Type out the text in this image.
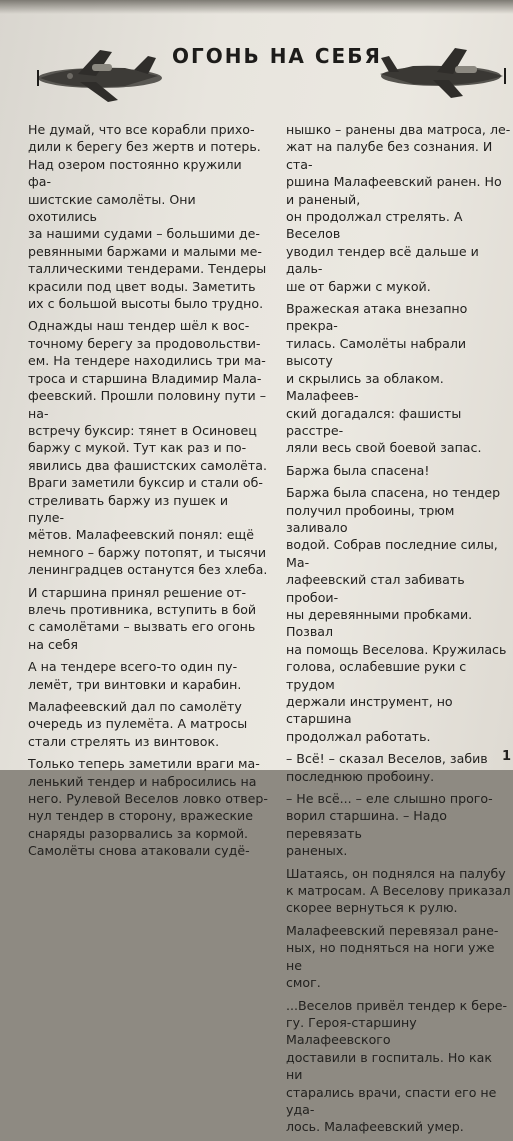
ОГОНЬ НА СЕБЯ

Не думай, что все корабли прихо-
дили к берегу без жертв и потерь.
Над озером постоянно кружили фа-
шистские самолёты. Они охотились
за нашими судами – большими де-
ревянными баржами и малыми ме-
таллическими тендерами. Тендеры
красили под цвет воды. Заметить
их с большой высоты было трудно.

Однажды наш тендер шёл к вос-
точному берегу за продовольстви-
ем. На тендере находились три ма-
троса и старшина Владимир Мала-
феевский. Прошли половину пути – на-
встречу буксир: тянет в Осиновец
баржу с мукой. Тут как раз и по-
явились два фашистских самолёта.
Враги заметили буксир и стали об-
стреливать баржу из пушек и пуле-
мётов. Малафеевский понял: ещё
немного – баржу потопят, и тысячи
ленинградцев останутся без хлеба.

И старшина принял решение от-
влечь противника, вступить в бой
с самолётами – вызвать его огонь
на себя

А на тендере всего-то один пу-
лемёт, три винтовки и карабин.

Малафеевский дал по самолёту
очередь из пулемёта. А матросы
стали стрелять из винтовок.

Только теперь заметили враги ма-
ленький тендер и набросились на
него. Рулевой Веселов ловко отвер-
нул тендер в сторону, вражеские
снаряды разорвались за кормой.
Самолёты снова атаковали судё-

нышко – ранены два матроса, ле-
жат на палубе без сознания. И ста-
ршина Малафеевский ранен. Но и раненый,
он продолжал стрелять. А Веселов
уводил тендер всё дальше и даль-
ше от баржи с мукой.

Вражеская атака внезапно прекра-
тилась. Самолёты набрали высоту
и скрылись за облаком. Малафеев-
ский догадался: фашисты расстре-
ляли весь свой боевой запас.

Баржа была спасена!

Баржа была спасена, но тендер
получил пробоины, трюм заливало
водой. Собрав последние силы, Ма-
лафеевский стал забивать пробои-
ны деревянными пробками. Позвал
на помощь Веселова. Кружилась
голова, ослабевшие руки с трудом
держали инструмент, но старшина
продолжал работать.

– Всё! – сказал Веселов, забив
последнюю пробоину.

– Не всё... – еле слышно прого-
ворил старшина. – Надо перевязать
раненых.

Шатаясь, он поднялся на палубу
к матросам. А Веселову приказал
скорее вернуться к рулю.

Малафеевский перевязал ране-
ных, но подняться на ноги уже не
смог.

...Веселов привёл тендер к бере-
гу. Героя-старшину Малафеевского
доставили в госпиталь. Но как ни
старались врачи, спасти его не уда-
лось. Малафеевский умер.

1
